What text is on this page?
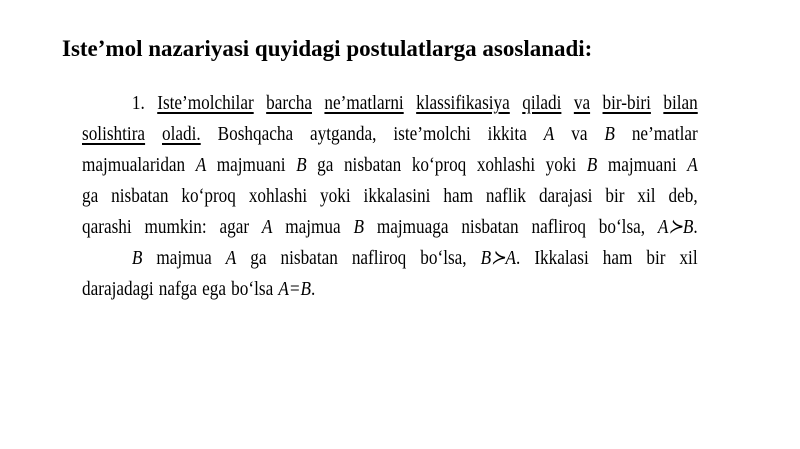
Iste’mol nazariyasi quyidagi postulatlarga asoslanadi:
1. Iste’molchilar barcha ne’matlarni klassifikasiya qiladi va bir-biri bilan
solishtira oladi. Boshqacha aytganda, iste’molchi ikkita A va B ne’matlar
majmualaridan A majmuani B ga nisbatan ko‘proq xohlashi yoki B majmuani A
ga nisbatan ko‘proq xohlashi yoki ikkalasini ham naflik darajasi bir xil deb,
qarashi mumkin: agar A majmua B majmuaga nisbatan nafliroq bo‘lsa, A≻B.
B majmua A ga nisbatan nafliroq bo‘lsa, B≻A. Ikkalasi ham bir xil
darajadagi nafga ega bo‘lsa A=B.
